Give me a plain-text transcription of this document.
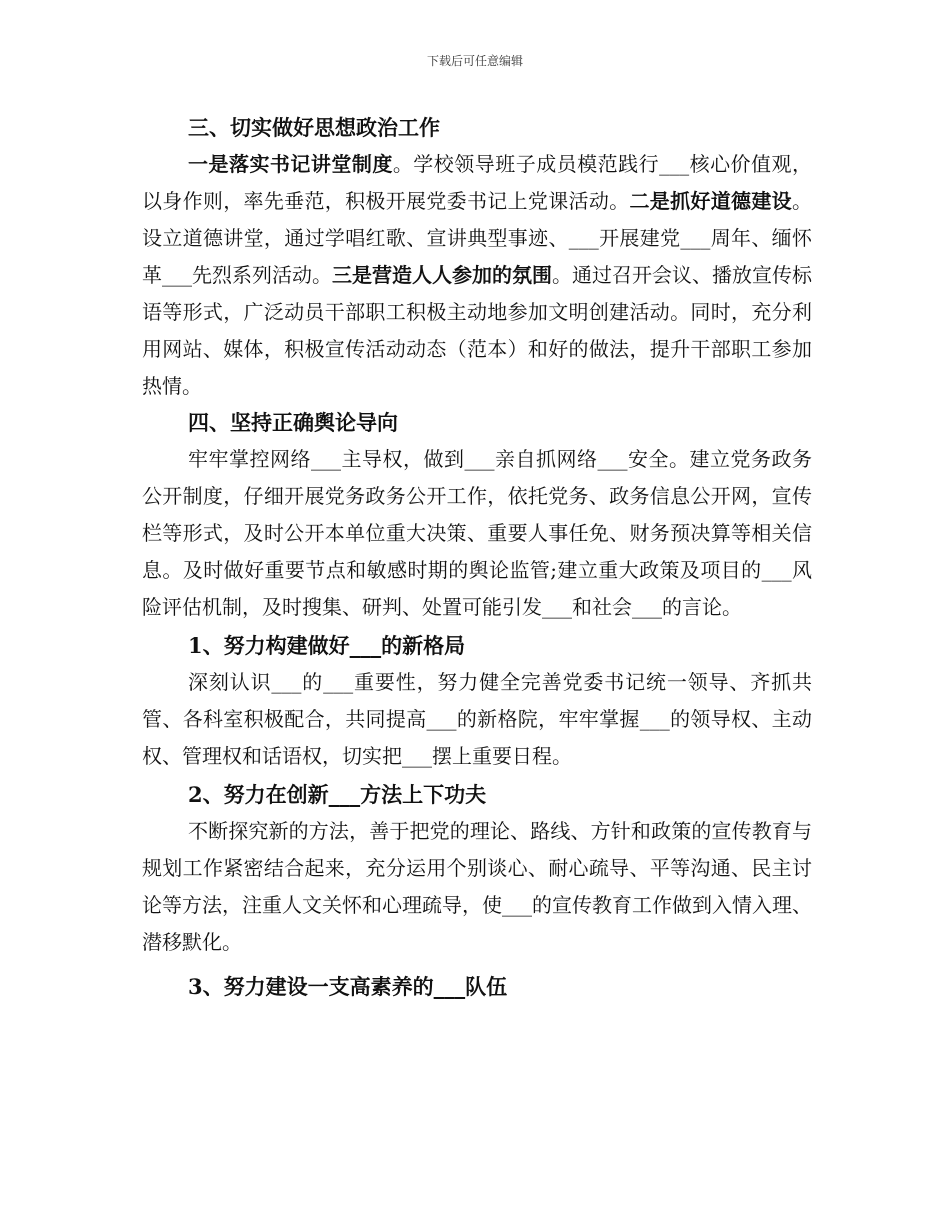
下载后可任意编辑
三、切实做好思想政治工作

一是落实书记讲堂制度。学校领导班子成员模范践行___核心价值观，以身作则，率先垂范，积极开展党委书记上党课活动。二是抓好道德建设。设立道德讲堂，通过学唱红歌、宣讲典型事迹、___开展建党___周年、缅怀革___先烈系列活动。三是营造人人参加的氛围。通过召开会议、播放宣传标语等形式，广泛动员干部职工积极主动地参加文明创建活动。同时，充分利用网站、媒体，积极宣传活动动态（范本）和好的做法，提升干部职工参加热情。

四、坚持正确舆论导向

牢牢掌控网络___主导权，做到___亲自抓网络___安全。建立党务政务公开制度，仔细开展党务政务公开工作，依托党务、政务信息公开网，宣传栏等形式，及时公开本单位重大决策、重要人事任免、财务预决算等相关信息。及时做好重要节点和敏感时期的舆论监管;建立重大政策及项目的___风险评估机制，及时搜集、研判、处置可能引发___和社会___的言论。

1、努力构建做好___的新格局

深刻认识___的___重要性，努力健全完善党委书记统一领导、齐抓共管、各科室积极配合，共同提高___的新格院，牢牢掌握___的领导权、主动权、管理权和话语权，切实把___摆上重要日程。

2、努力在创新___方法上下功夫

不断探究新的方法，善于把党的理论、路线、方针和政策的宣传教育与规划工作紧密结合起来，充分运用个别谈心、耐心疏导、平等沟通、民主讨论等方法，注重人文关怀和心理疏导，使___的宣传教育工作做到入情入理、潜移默化。

3、努力建设一支高素养的___队伍
